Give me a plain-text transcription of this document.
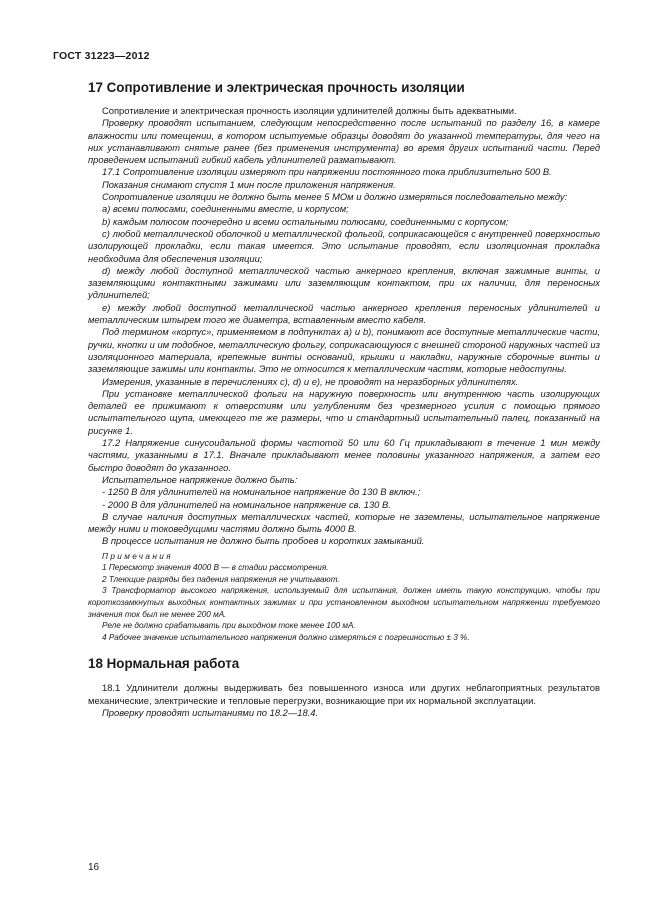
ГОСТ 31223—2012
17 Сопротивление и электрическая прочность изоляции

Сопротивление и электрическая прочность изоляции удлинителей должны быть адекватными.

Проверку проводят испытанием, следующим непосредственно после испытаний по разделу 16, в камере влажности или помещении, в котором испытуемые образцы доводят до указанной температуры, для чего на них устанавливают снятые ранее (без применения инструмента) во время других испытаний части. Перед проведением испытаний гибкий кабель удлинителей разматывают.

17.1 Сопротивление изоляции измеряют при напряжении постоянного тока приблизительно 500 В.

Показания снимают спустя 1 мин после приложения напряжения.

Сопротивление изоляции не должно быть менее 5 МОм и должно измеряться последовательно между:

a) всеми полюсами, соединенными вместе, и корпусом;

b) каждым полюсом поочередно и всеми остальными полюсами, соединенными с корпусом;

c) любой металлической оболочкой и металлической фольгой, соприкасающейся с внутренней поверхностью изолирующей прокладки, если такая имеется. Это испытание проводят, если изоляционная прокладка необходима для обеспечения изоляции;

d) между любой доступной металлической частью анкерного крепления, включая зажимные винты, и заземляющими контактными зажимами или заземляющим контактом, при их наличии, для переносных удлинителей;

e) между любой доступной металлической частью анкерного крепления переносных удлинителей и металлическим штырем того же диаметра, вставленным вместо кабеля.

Под термином «корпус», применяемом в подпунктах a) и b), понимают все доступные металлические части, ручки, кнопки и им подобное, металлическую фольгу, соприкасающуюся с внешней стороной наружных частей из изоляционного материала, крепежные винты оснований, крышки и накладки, наружные сборочные винты и заземляющие зажимы или контакты. Это не относится к металлическим частям, которые недоступны.

Измерения, указанные в перечислениях c), d) и e), не проводят на неразборных удлинителях.

При установке металлической фольги на наружную поверхность или внутреннюю часть изолирующих деталей ее прижимают к отверстиям или углублениям без чрезмерного усилия с помощью прямого испытательного щупа, имеющего те же размеры, что и стандартный испытательный палец, показанный на рисунке 1.

17.2 Напряжение синусоидальной формы частотой 50 или 60 Гц прикладывают в течение 1 мин между частями, указанными в 17.1. Вначале прикладывают менее половины указанного напряжения, а затем его быстро доводят до указанного.

Испытательное напряжение должно быть:

- 1250 В для удлинителей на номинальное напряжение до 130 В включ.;

- 2000 В для удлинителей на номинальное напряжение св. 130 В.

В случае наличия доступных металлических частей, которые не заземлены, испытательное напряжение между ними и токоведущими частями должно быть 4000 В.

В процессе испытания не должно быть пробоев и коротких замыканий.

Примечания

1 Пересмотр значения 4000 В — в стадии рассмотрения.

2 Тлеющие разряды без падения напряжения не учитывают.

3 Трансформатор высокого напряжения, используемый для испытания, должен иметь такую конструкцию, чтобы при короткозамкнутых выходных контактных зажимах и при установленном выходном испытательном напряжении требуемого значения ток был не менее 200 мА.

Реле не должно срабатывать при выходном токе менее 100 мА.

4 Рабочее значение испытательного напряжения должно измеряться с погрешностью ± 3 %.

18 Нормальная работа

18.1 Удлинители должны выдерживать без повышенного износа или других неблагоприятных результатов механические, электрические и тепловые перегрузки, возникающие при их нормальной эксплуатации.

Проверку проводят испытаниями по 18.2—18.4.

16
